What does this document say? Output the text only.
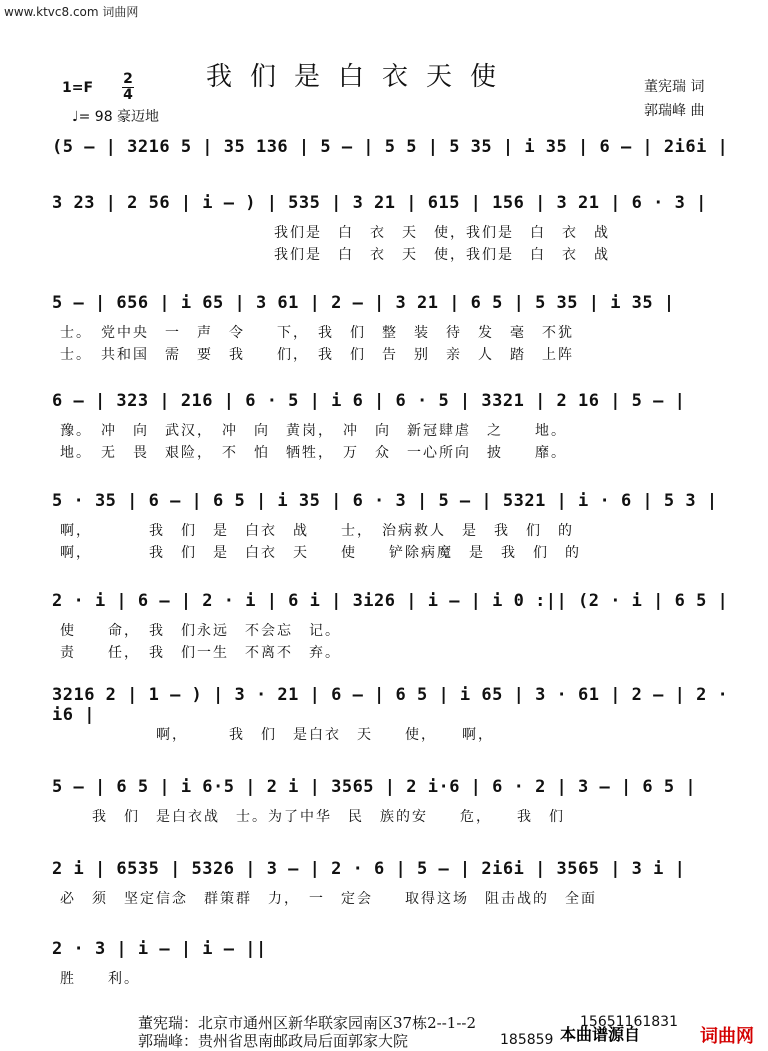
www.ktvc8.com 词曲网
我们是白衣天使
1=F
2
4
♩= 98 豪迈地
董宪瑞 词
郭瑞峰 曲
(5 – | 3216 5 | 35 136 | 5 – | 5 5 | 5 35 | i 35 | 6 – | 2i6i |
3 23 | 2 56 | i – ) | 535 | 3 21 | 615 | 156 | 3 21 | 6 · 3 |
我们是　白　衣　天　使，我们是　白　衣　战
我们是　白　衣　天　使，我们是　白　衣　战
5 – | 656 | i 65 | 3 61 | 2 – | 3 21 | 6 5 | 5 35 | i 35 |
士。　党中央　一　声　令　　下，　我　们　整　装　待　发　毫　不犹
士。　共和国　需　要　我　　们，　我　们　告　别　亲　人　踏　上阵
6 – | 323 | 216 | 6 · 5 | i 6 | 6 · 5 | 3321 | 2 16 | 5 – |
豫。　冲　向　武汉，　冲　向　黄岗，　冲　向　新冠肆虐　之　　地。
地。　无　畏　艰险，　不　怕　牺牲，　万　众　一心所向　披　　靡。
5 · 35 | 6 – | 6 5 | i 35 | 6 · 3 | 5 – | 5321 | i · 6 | 5 3 |
啊，　　　　我　们　是　白衣　战　　士，　治病救人　是　我　们　的
啊，　　　　我　们　是　白衣　天　　使　　铲除病魔　是　我　们　的
2 · i | 6 – | 2 · i | 6 i | 3i26 | i – | i 0 :|| (2 · i | 6 5 |
使　　命，　我　们永远　不会忘　记。
责　　任，　我　们一生　不离不　弃。
3216 2 | 1 – ) | 3 · 21 | 6 – | 6 5 | i 65 | 3 · 61 | 2 – | 2 · i6 |
　　　　　　啊，　　　我　们　是白衣　天　　使，　　啊，
5 – | 6 5 | i 6·5 | 2 i | 3565 | 2 i·6 | 6 · 2 | 3 – | 6 5 |
　　我　们　是白衣战　士。为了中华　民　族的安　　危，　　我　们
2 i | 6535 | 5326 | 3 – | 2 · 6 | 5 – | 2i6i | 3565 | 3 i |
必　须　坚定信念　群策群　力，　一　定会　　取得这场　阻击战的　全面
2 · 3 | i – | i – ||
胜　　利。
董宪瑞：北京市通州区新华联家园南区37栋2--1--2	15651161831
郭瑞峰：贵州省思南邮政局后面郭家大院	185859 本曲谱源自	词曲网
